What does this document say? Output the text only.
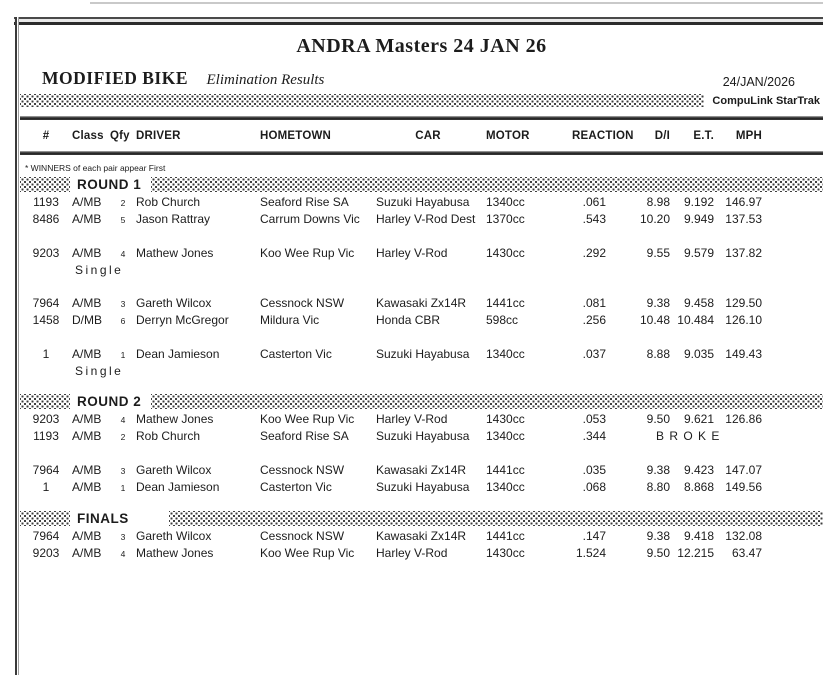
ANDRA Masters 24 JAN 26
MODIFIED BIKE Elimination Results	24/JAN/2026
CompuLink StarTrak
#	Class Qfy DRIVER	HOMETOWN	CAR	MOTOR	REACTION	D/I	E.T.	MPH
* WINNERS of each pair appear First
ROUND 1
1193	A/MB	2 Rob Church	Seaford Rise SA	Suzuki Hayabusa	1340cc	.061	8.98	9.192 146.97
8486	A/MB	5 Jason Rattray	Carrum Downs Vic	Harley V-Rod Dest 1370cc	.543	10.20	9.949 137.53
9203	A/MB	4 Mathew Jones	Koo Wee Rup Vic	Harley V-Rod	1430cc	.292	9.55	9.579 137.82
Single
7964	A/MB	3 Gareth Wilcox	Cessnock NSW	Kawasaki Zx14R	1441cc	.081	9.38	9.458 129.50
1458	D/MB	6 Derryn McGregor	Mildura Vic	Honda CBR	598cc	.256	10.48 10.484 126.10
1	A/MB	1 Dean Jamieson	Casterton Vic	Suzuki Hayabusa	1340cc	.037	8.88	9.035 149.43
Single
ROUND 2
9203	A/MB	4 Mathew Jones	Koo Wee Rup Vic	Harley V-Rod	1430cc	.053	9.50	9.621 126.86
1193	A/MB	2 Rob Church	Seaford Rise SA	Suzuki Hayabusa	1340cc	.344	B R O K E
7964	A/MB	3 Gareth Wilcox	Cessnock NSW	Kawasaki Zx14R	1441cc	.035	9.38	9.423 147.07
1	A/MB	1 Dean Jamieson	Casterton Vic	Suzuki Hayabusa	1340cc	.068	8.80	8.868 149.56
FINALS
7964	A/MB	3 Gareth Wilcox	Cessnock NSW	Kawasaki Zx14R	1441cc	.147	9.38	9.418 132.08
9203	A/MB	4 Mathew Jones	Koo Wee Rup Vic	Harley V-Rod	1430cc	1.524	9.50 12.215	63.47
